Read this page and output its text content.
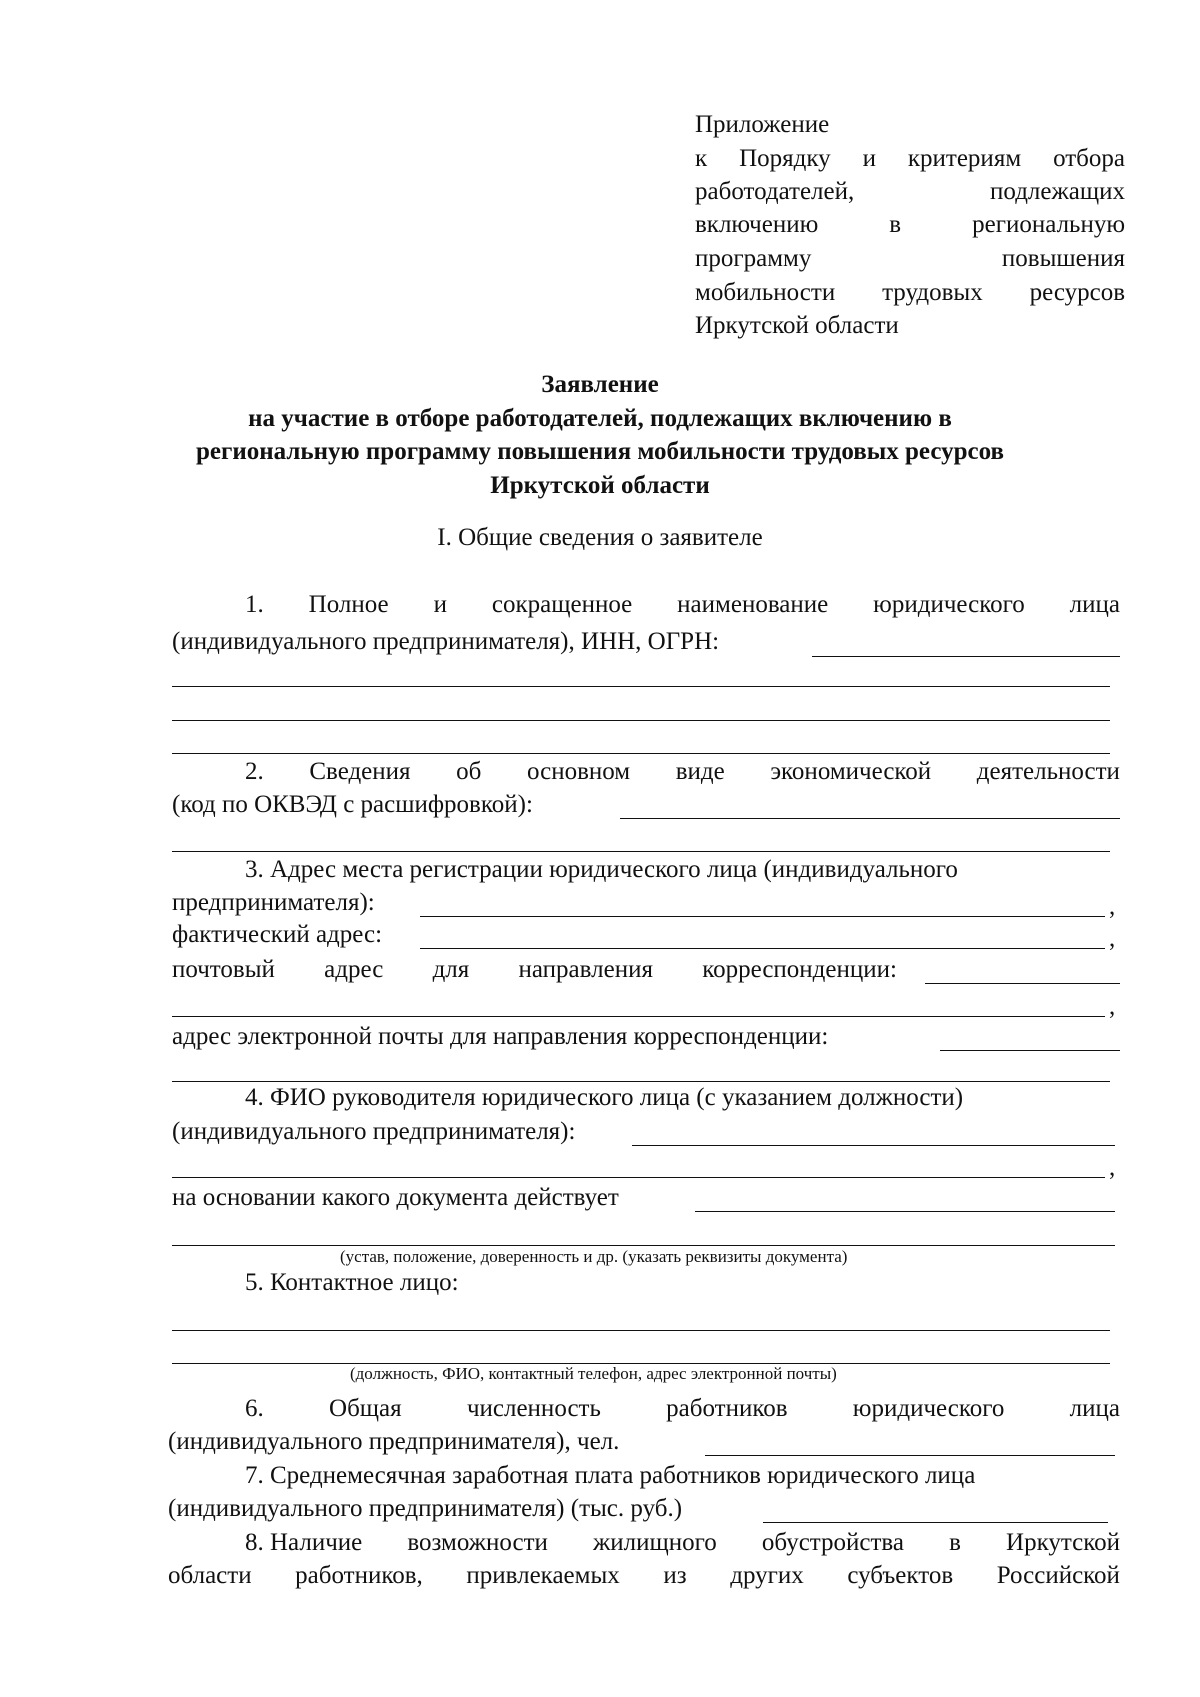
Приложение
к Порядку и критериям отбора
работодателей,	подлежащих
включению	в	региональную
программу	повышения
мобильности трудовых ресурсов
Иркутской области
Заявление
на участие в отборе работодателей, подлежащих включению в
региональную программу повышения мобильности трудовых ресурсов
Иркутской области
I. Общие сведения о заявителе
1. Полное и сокращенное наименование юридического лица
(индивидуального предпринимателя), ИНН, ОГРН:
2. Сведения об основном виде экономической деятельности
(код по ОКВЭД с расшифровкой):
3. Адрес места регистрации юридического лица (индивидуального
предпринимателя):	,
фактический адрес:	,
почтовый адрес для направления корреспонденции:
,
адрес электронной почты для направления корреспонденции:
4. ФИО руководителя юридического лица (с указанием должности)
(индивидуального предпринимателя):
,
на основании какого документа действует
(устав, положение, доверенность и др. (указать реквизиты документа)
5. Контактное лицо:
(должность, ФИО, контактный телефон, адрес электронной почты)
6.	Общая	численность	работников	юридического	лица
(индивидуального предпринимателя), чел.
7. Среднемесячная заработная плата работников юридического лица
(индивидуального предпринимателя) (тыс. руб.)
8. Наличие возможности жилищного обустройства в Иркутской
области работников, привлекаемых из других субъектов Российской
